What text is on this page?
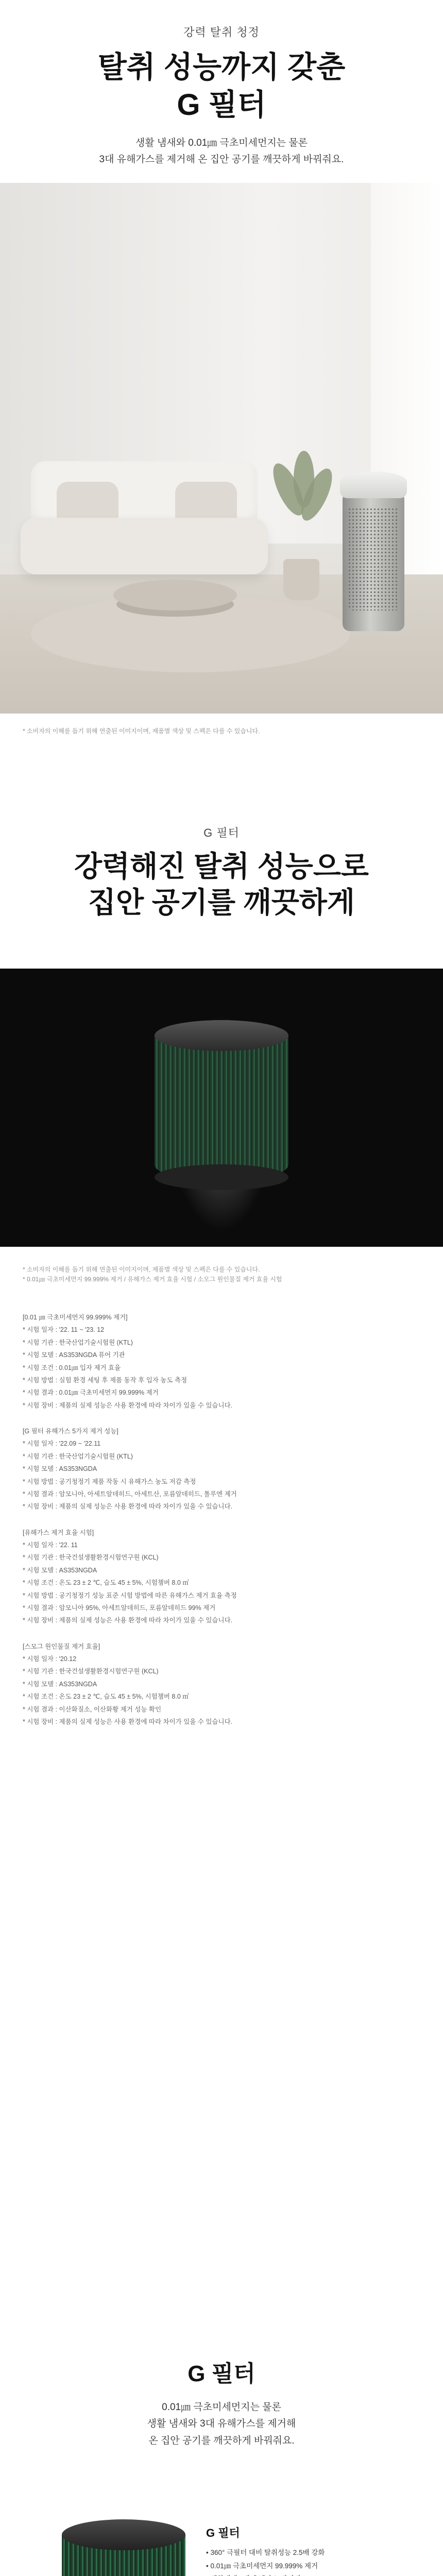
강력 탈취 청정
탈취 성능까지 갖춘
G 필터
생활 냄새와 0.01㎛ 극초미세먼지는 물론
3대 유해가스를 제거해 온 집안 공기를 깨끗하게 바꿔줘요.
* 소비자의 이해를 돕기 위해 연출된 이미지이며, 제품별 색상 및 스펙은 다를 수 있습니다.
G 필터
강력해진 탈취 성능으로
집안 공기를 깨끗하게

* 소비자의 이해를 돕기 위해 연출된 이미지이며, 제품별 색상 및 스펙은 다를 수 있습니다.

* 0.01㎛ 극초미세먼지 99.999% 제거 / 유해가스 제거 효율 시험 / 소모그 원인물질 제거 효율 시험

[0.01 ㎛ 극초미세먼지 99.999% 제거]

* 시험 일자 : '22. 11 ~ '23. 12

* 시험 기관 : 한국산업기술시험원 (KTL)

* 시험 모델 : AS353NGDA 퓨어 기관

* 시험 조건 : 0.01㎛ 입자 제거 효율

* 시험 방법 : 실험 환경 세팅 후 제품 동작 후 입자 농도 측정

* 시험 결과 : 0.01㎛ 극초미세먼지 99.999% 제거

* 시험 장비 : 제품의 실제 성능은 사용 환경에 따라 차이가 있을 수 있습니다.

[G 필터 유해가스 5가지 제거 성능]

* 시험 일자 : '22.09 ~ '22.11

* 시험 기관 : 한국산업기술시험원 (KTL)

* 시험 모델 : AS353NGDA

* 시험 방법 : 공기청정기 제품 작동 시 유해가스 농도 저감 측정

* 시험 결과 : 암모니아, 아세트알데히드, 아세트산, 포름알데히드, 톨루엔 제거

* 시험 장비 : 제품의 실제 성능은 사용 환경에 따라 차이가 있을 수 있습니다.

[유해가스 제거 효율 시험]

* 시험 일자 : '22. 11

* 시험 기관 : 한국건설생활환경시험연구원 (KCL)

* 시험 모델 : AS353NGDA

* 시험 조건 : 온도 23 ± 2 ℃, 습도 45 ± 5%, 시험챔버 8.0 ㎥

* 시험 방법 : 공기청정기 성능 표준 시험 방법에 따른 유해가스 제거 효율 측정

* 시험 결과 : 암모니아 95%, 아세트알데히드, 포름알데히드 99% 제거

* 시험 장비 : 제품의 실제 성능은 사용 환경에 따라 차이가 있을 수 있습니다.

[스모그 원인물질 제거 효율]

* 시험 일자 : '20.12

* 시험 기관 : 한국건설생활환경시험연구원 (KCL)

* 시험 모델 : AS353NGDA

* 시험 조건 : 온도 23 ± 2 ℃, 습도 45 ± 5%, 시험챔버 8.0 ㎥

* 시험 결과 : 이산화질소, 이산화황 제거 성능 확인

* 시험 장비 : 제품의 실제 성능은 사용 환경에 따라 차이가 있을 수 있습니다.

G 필터
0.01㎛ 극초미세먼지는 물론
생활 냄새와 3대 유해가스를 제거해
온 집안 공기를 깨끗하게 바꿔줘요.
G 필터
• 360° 극필터 대비 탈취성능 2.5배 강화
• 0.01㎛ 극초미세먼지 99.999% 제거
•
